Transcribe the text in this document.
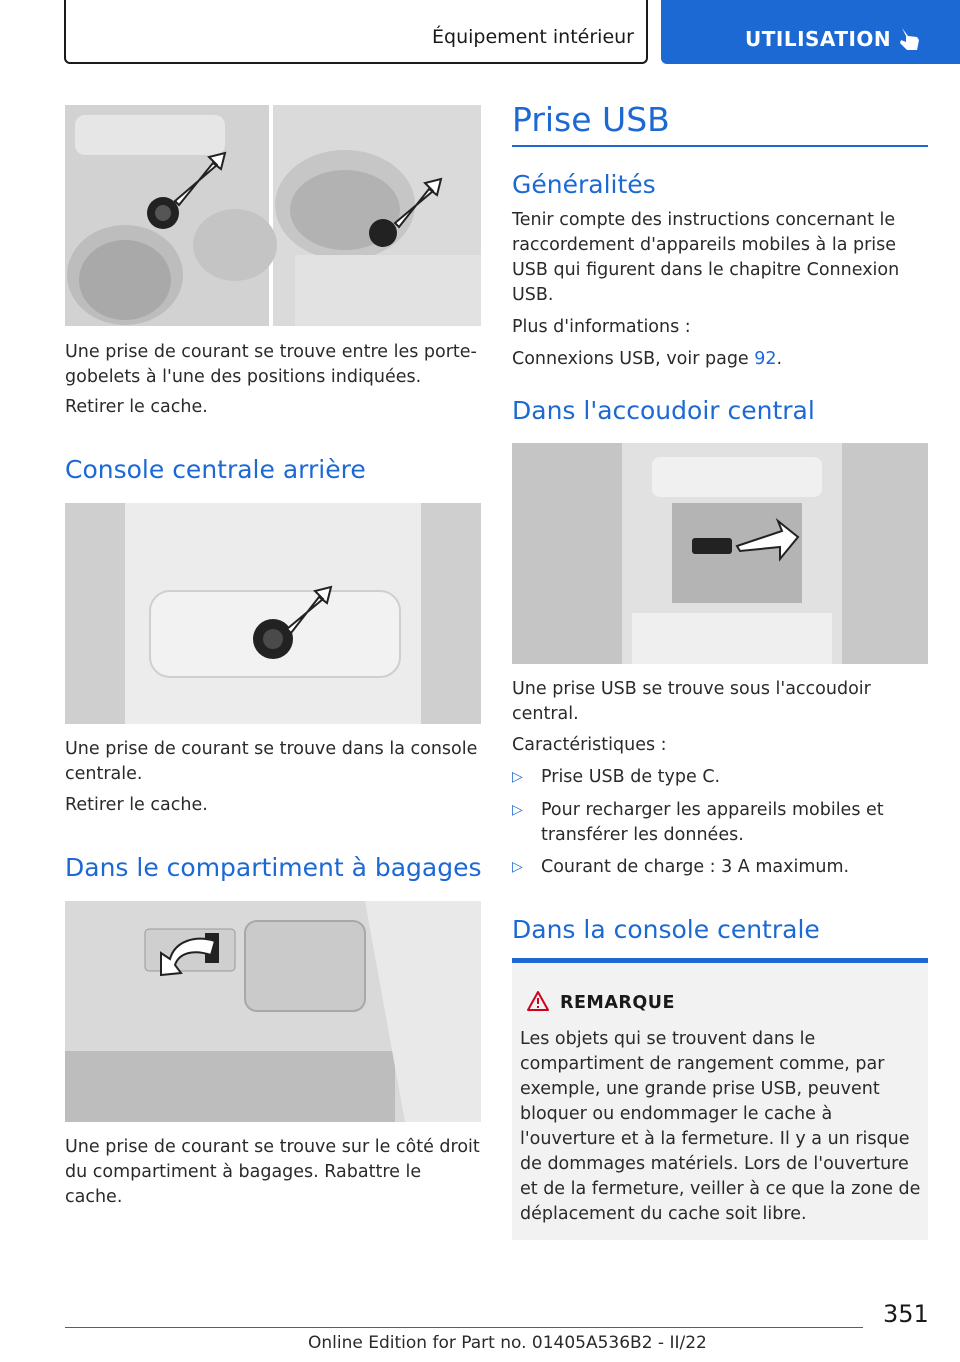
Équipement intérieur	UTILISATION
Une prise de courant se trouve entre les porte-gobelets à l'une des positions indiquées.
Retirer le cache.
Console centrale arrière
Une prise de courant se trouve dans la console centrale.
Retirer le cache.
Dans le compartiment à bagages
Une prise de courant se trouve sur le côté droit du compartiment à bagages. Rabattre le cache.
Prise USB
Généralités
Tenir compte des instructions concernant le raccordement d'appareils mobiles à la prise USB qui figurent dans le chapitre Connexion USB.
Plus d'informations :
Connexions USB, voir page 92.
Dans l'accoudoir central
Une prise USB se trouve sous l'accoudoir central.
Caractéristiques :
▷ Prise USB de type C.
▷ Pour recharger les appareils mobiles et transférer les données.
▷ Courant de charge : 3 A maximum.
Dans la console centrale
REMARQUE
Les objets qui se trouvent dans le compartiment de rangement comme, par exemple, une grande prise USB, peuvent bloquer ou endommager le cache à l'ouverture et à la fermeture. Il y a un risque de dommages matériels. Lors de l'ouverture et de la fermeture, veiller à ce que la zone de déplacement du cache soit libre.
351
Online Edition for Part no. 01405A536B2 - II/22
